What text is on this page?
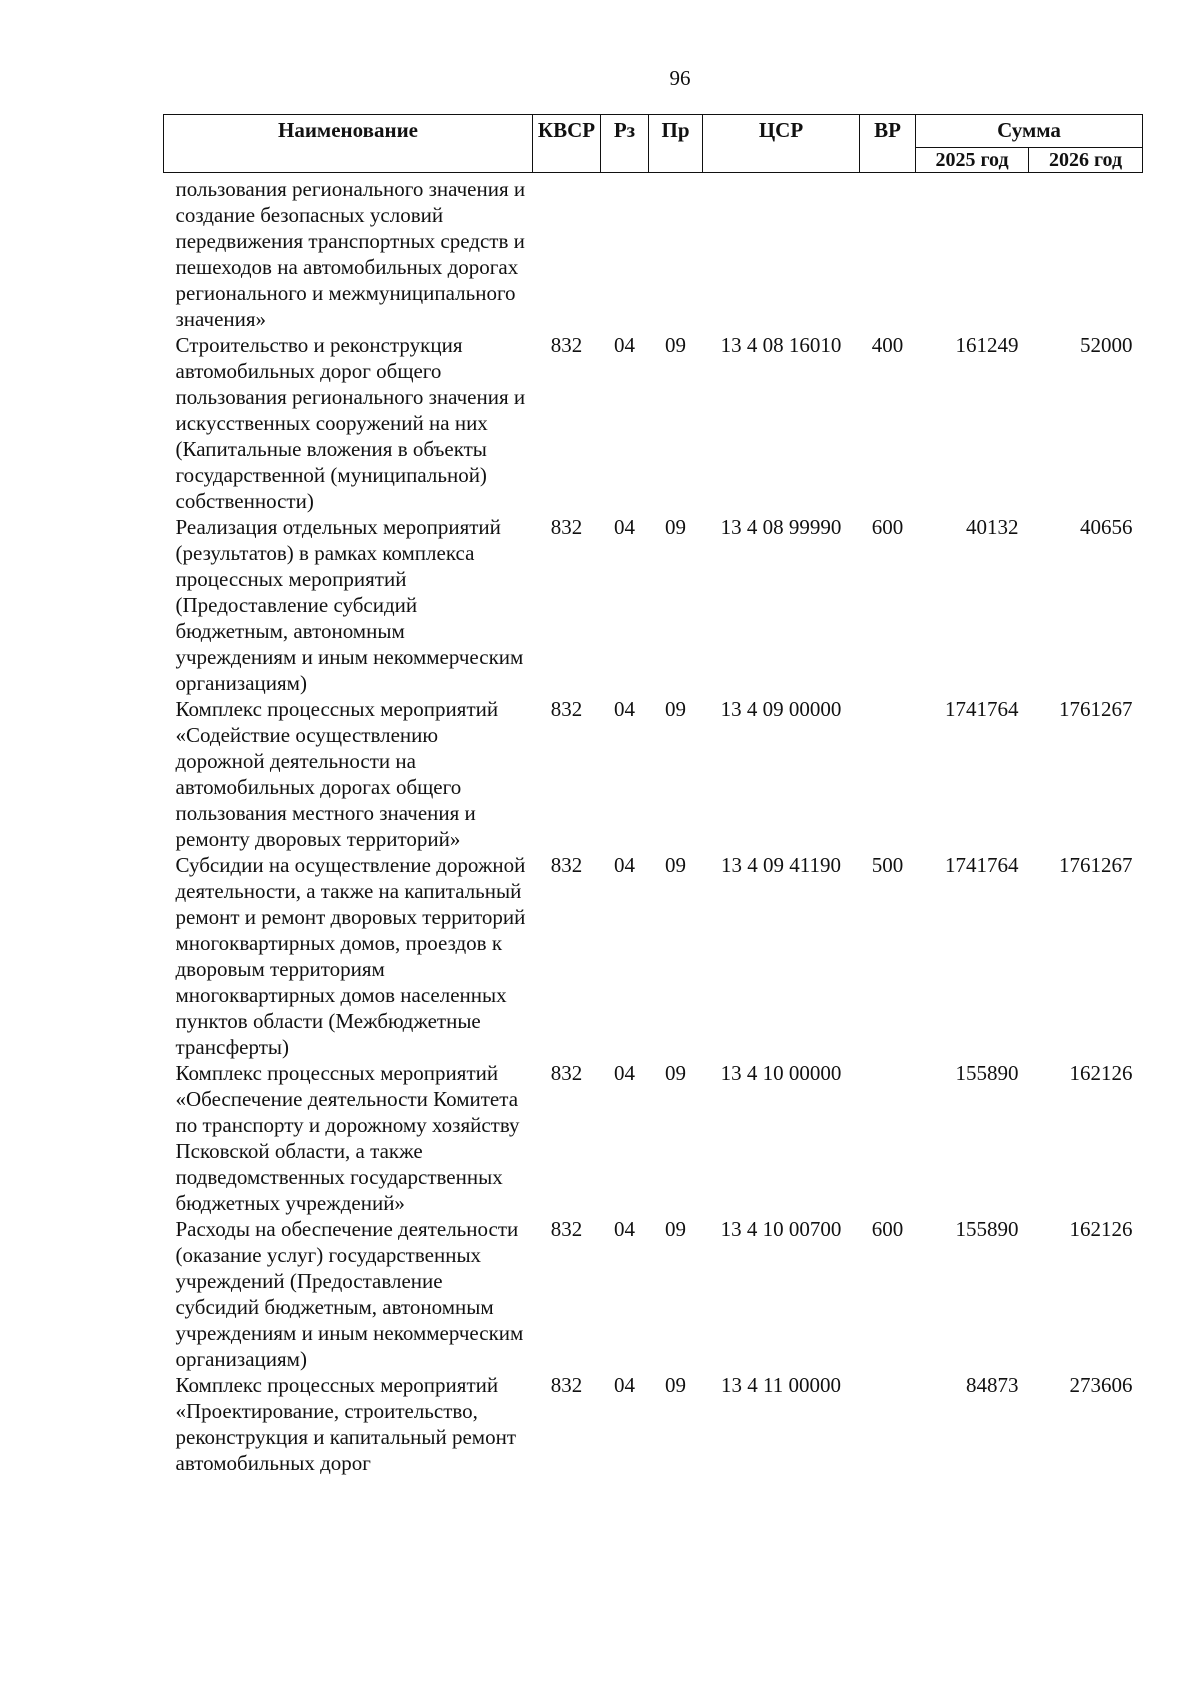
96
Наименование	КВСР	Рз	Пр	ЦСР	ВР	Сумма	
						2025 год	2026 год
пользования регионального значения и создание безопасных условий передвижения транспортных средств и пешеходов на автомобильных дорогах регионального и межмуниципального значения»							
Строительство и реконструкция автомобильных дорог общего пользования регионального значения и искусственных сооружений на них (Капитальные вложения в объекты государственной (муниципальной) собственности)	832	04	09	13 4 08 16010	400	161249	52000
Реализация отдельных мероприятий (результатов) в рамках комплекса процессных мероприятий (Предоставление субсидий бюджетным, автономным учреждениям и иным некоммерческим организациям)	832	04	09	13 4 08 99990	600	40132	40656
Комплекс процессных мероприятий «Содействие осуществлению дорожной деятельности на автомобильных дорогах общего пользования местного значения и ремонту дворовых территорий»	832	04	09	13 4 09 00000		1741764	1761267
Субсидии на осуществление дорожной деятельности, а также на капитальный ремонт и ремонт дворовых территорий многоквартирных домов, проездов к дворовым территориям многоквартирных домов населенных пунктов области (Межбюджетные трансферты)	832	04	09	13 4 09 41190	500	1741764	1761267
Комплекс процессных мероприятий «Обеспечение деятельности Комитета по транспорту и дорожному хозяйству Псковской области, а также подведомственных государственных бюджетных учреждений»	832	04	09	13 4 10 00000		155890	162126
Расходы на обеспечение деятельности (оказание услуг) государственных учреждений (Предоставление субсидий бюджетным, автономным учреждениям и иным некоммерческим организациям)	832	04	09	13 4 10 00700	600	155890	162126
Комплекс процессных мероприятий «Проектирование, строительство, реконструкция и капитальный ремонт автомобильных дорог	832	04	09	13 4 11 00000		84873	273606
